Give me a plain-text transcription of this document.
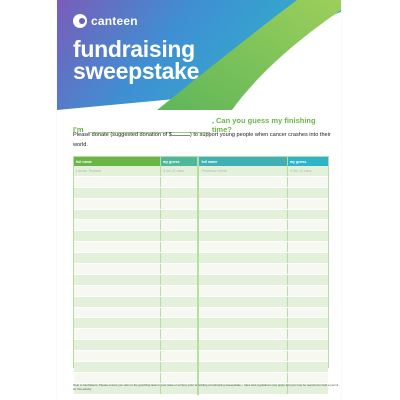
canteen
fundraising
sweepstake
I'm
, Can you guess my finishing time?
Please donate (suggested donation of $	) to support young people when cancer crashes into their world.
full name	my guess	full name	my guess
Lauren Tennant	4 hrs 11 mins	Professor Annie	4 hrs 13 mins

Note to fundraisers: Please ensure you refer to the gambling laws in your state or territory prior to holding a fundraising sweepstake – rules and regulations may apply and you may be required to hold a permit for this activity.
